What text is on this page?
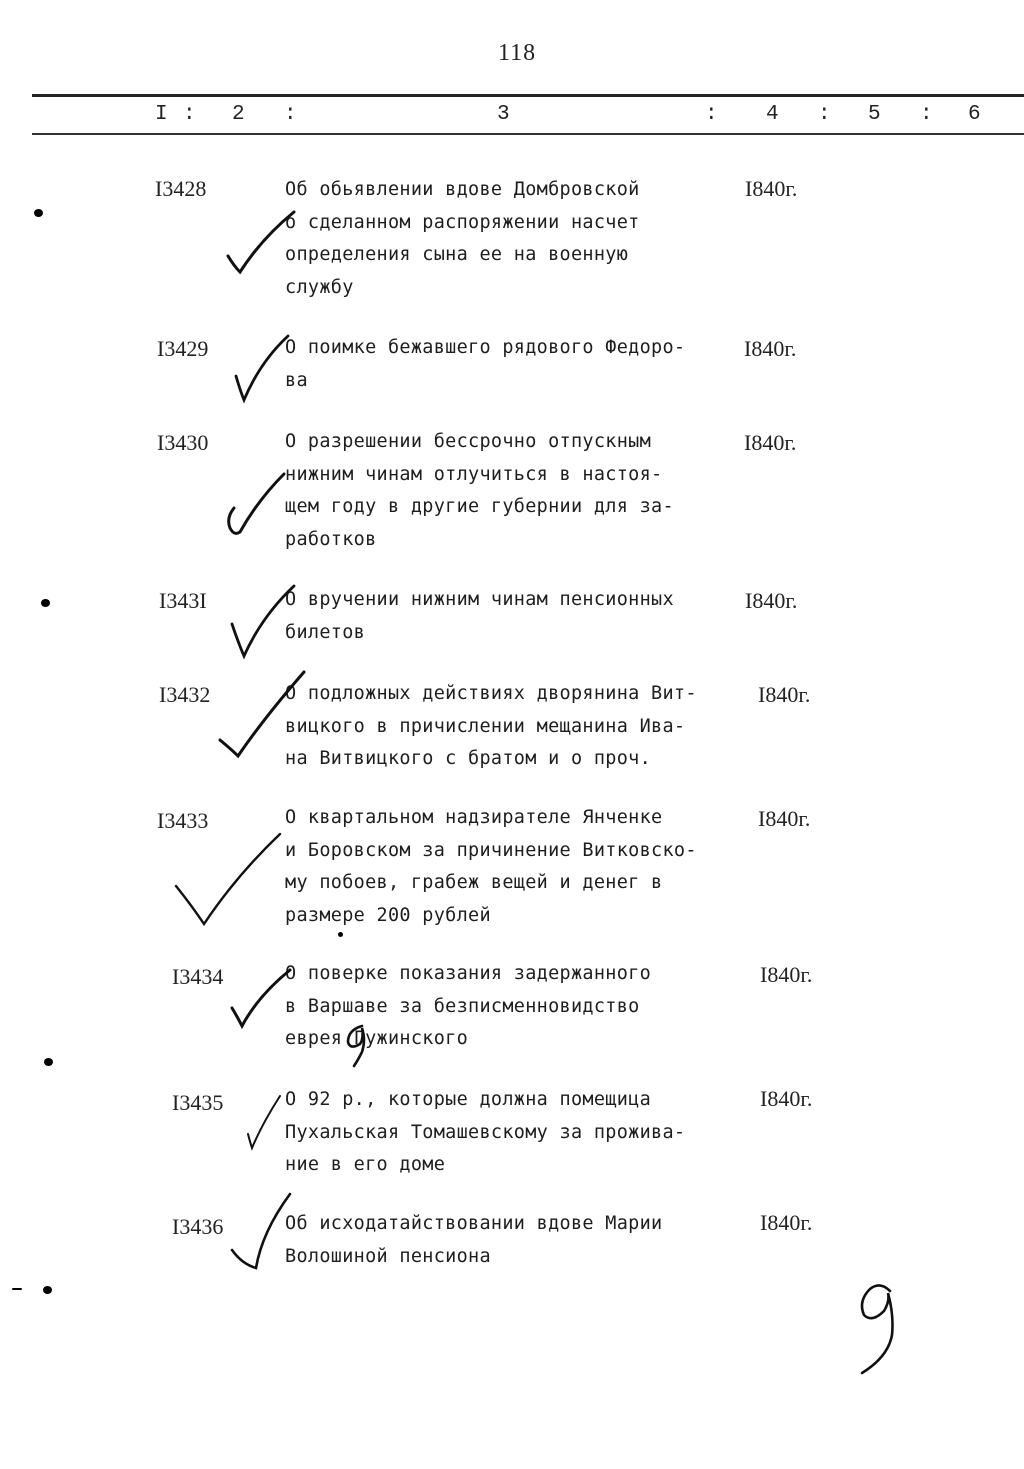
118
I : 2 :	3	: 4 : 5 : 6
I3428	Об обьявлении вдове Домбровской
о сделанном распоряжении насчет
определения сына ее на военную
службу
I840г.
I3429	О поимке бежавшего рядового Федоро-
ва
I840г.
I3430	О разрешении бессрочно отпускным
нижним чинам отлучиться в настоя-
щем году в другие губернии для за-
работков
I840г.
I343I	О вручении нижним чинам пенсионных
билетов
I840г.
I3432	О подложных действиях дворянина Вит-
вицкого в причислении мещанина Ива-
на Витвицкого с братом и о проч.
I840г.
I3433	О квартальном надзирателе Янченке
и Боровском за причинение Витковско-
му побоев, грабеж вещей и денег в
размере 200 рублей
I840г.
I3434	О поверке показания задержанного
в Варшаве за безписменновидство
еврея Гужинского
I840г.
I3435	О 92 р., которые должна помещица
Пухальская Томашевскому за прожива-
ние в его доме
I840г.
I3436	Об исходатайствовании вдове Марии
Волошиной пенсиона
I840г.
